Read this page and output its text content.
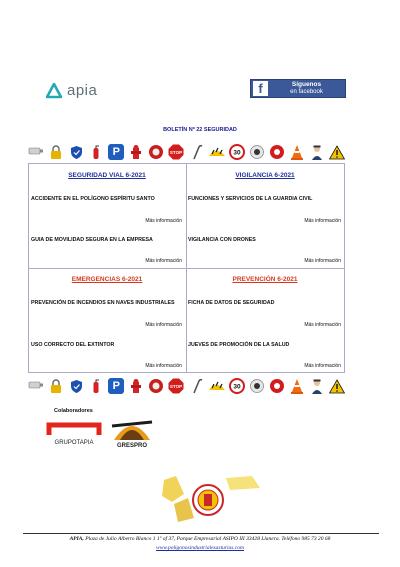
apia	f	Síguenos
en facebook
BOLETÍN Nº 22 SEGURIDAD
P	STOP	30
SEGURIDAD VIAL 6-2021
ACCIDENTE EN EL POLÍGONO ESPÍRITU SANTO
Más información
GUIA DE MOVILIDAD SEGURA EN LA EMPRESA
Más información
VIGILANCIA 6-2021
FUNCIONES Y SERVICIOS DE LA GUARDIA CIVIL
Más información
VIGILANCIA CON DRONES
Más información
EMERGENCIAS 6-2021
PREVENCIÓN DE INCENDIOS EN NAVES INDUSTRIALES
Más información
USO CORRECTO DEL EXTINTOR
Más información
PREVENCIÓN 6-2021
FICHA DE DATOS DE SEGURIDAD
Más información
JUEVES DE PROMOCIÓN DE LA SALUD
Más información
P	STOP	30
Colaboradores
GRUPOTAPIA	GRESPRO
APIA, Plaza de Julio Alberto Blanco 1 1º of 37, Parque Empresarial ASIPO III 33428 Llanera. Teléfono 985 73 20 68
www.poligonosindustrialesasturias.com
